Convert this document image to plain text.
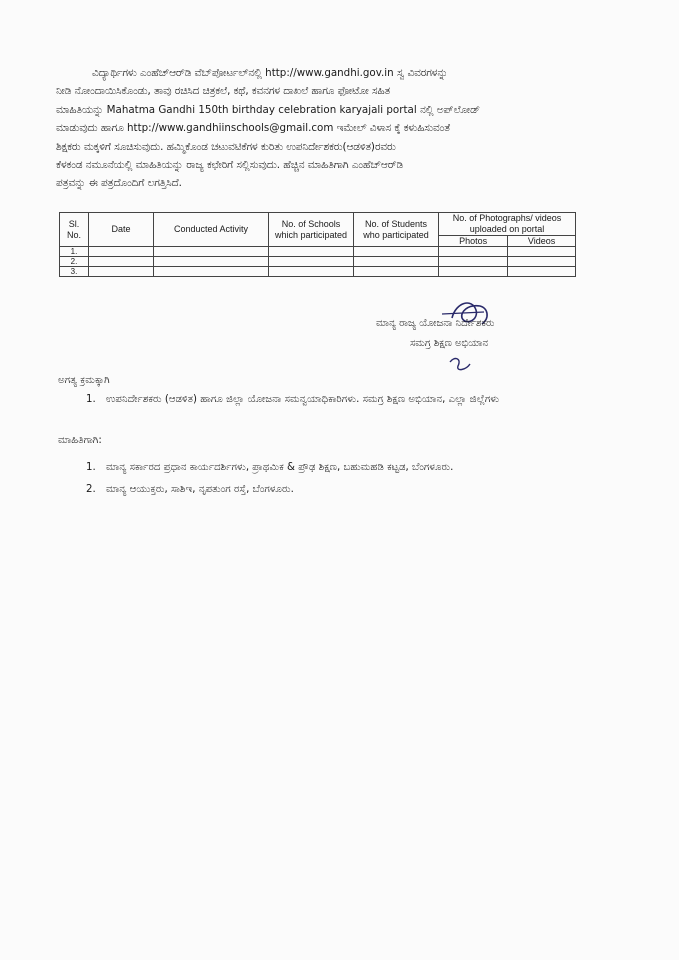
ವಿದ್ಯಾರ್ಥಿಗಳು ಎಂಹೆಚ್‌ಆರ್‌ಡಿ ವೆಬ್‌ಪೋರ್ಟಲ್‌ನಲ್ಲಿ http://www.gandhi.gov.in ಸ್ವ ವಿವರಗಳನ್ನು
ನೀಡಿ ನೋಂದಾಯಿಸಿಕೊಂಡು, ತಾವು ರಚಿಸಿದ ಚಿತ್ರಕಲೆ, ಕಥೆ, ಕವನಗಳ ದಾಖಲೆ ಹಾಗೂ ಫೋಟೋ ಸಹಿತ
ಮಾಹಿತಿಯನ್ನು Mahatma Gandhi 150th birthday celebration karyajali portal ನಲ್ಲಿ ಅಪ್‌ಲೋಡ್
ಮಾಡುವುದು ಹಾಗೂ http://www.gandhiinschools@gmail.com ಇಮೇಲ್ ವಿಳಾಸ ಕ್ಕೆ ಕಳುಹಿಸುವಂತೆ
ಶಿಕ್ಷಕರು ಮಕ್ಕಳಿಗೆ ಸೂಚಿಸುವುದು. ಹಮ್ಮಿಕೊಂಡ ಚಟುವಟಿಕೆಗಳ ಕುರಿತು ಉಪನಿರ್ದೇಶಕರು(ಆಡಳಿತ)ರವರು
ಕೆಳಕಂಡ ನಮೂನೆಯಲ್ಲಿ ಮಾಹಿತಿಯನ್ನು ರಾಜ್ಯ ಕಛೇರಿಗೆ ಸಲ್ಲಿಸುವುದು. ಹೆಚ್ಚಿನ ಮಾಹಿತಿಗಾಗಿ ಎಂಹೆಚ್‌ಆರ್‌ಡಿ
ಪತ್ರವನ್ನು ಈ ಪತ್ರದೊಂದಿಗೆ ಲಗತ್ತಿಸಿದೆ.
Sl. No.	Date	Conducted Activity	No. of Schools which participated	No. of Students who participated	No. of Photographs/ videos uploaded on portal	
					Photos	Videos
1.						
2.						
3.						
ಮಾನ್ಯ ರಾಜ್ಯ ಯೋಜನಾ ನಿರ್ದೇಶಕರು
ಸಮಗ್ರ ಶಿಕ್ಷಣ ಅಭಿಯಾನ
ಅಗತ್ಯ ಕ್ರಮಕ್ಕಾಗಿ
1.	ಉಪನಿರ್ದೇಶಕರು (ಆಡಳಿತ) ಹಾಗೂ ಜಿಲ್ಲಾ ಯೋಜನಾ ಸಮನ್ವಯಾಧಿಕಾರಿಗಳು. ಸಮಗ್ರ ಶಿಕ್ಷಣ ಅಭಿಯಾನ, ಎಲ್ಲಾ ಜಿಲ್ಲೆಗಳು
ಮಾಹಿತಿಗಾಗಿ:
1.	ಮಾನ್ಯ ಸರ್ಕಾರದ ಪ್ರಧಾನ ಕಾರ್ಯದರ್ಶಿಗಳು, ಪ್ರಾಥಮಿಕ & ಪ್ರೌಢ ಶಿಕ್ಷಣ, ಬಹುಮಹಡಿ ಕಟ್ಟಡ, ಬೆಂಗಳೂರು.
2.	ಮಾನ್ಯ ಆಯುಕ್ತರು, ಸಾಶಿಇ, ನೃಪತುಂಗ ರಸ್ತೆ, ಬೆಂಗಳೂರು.
